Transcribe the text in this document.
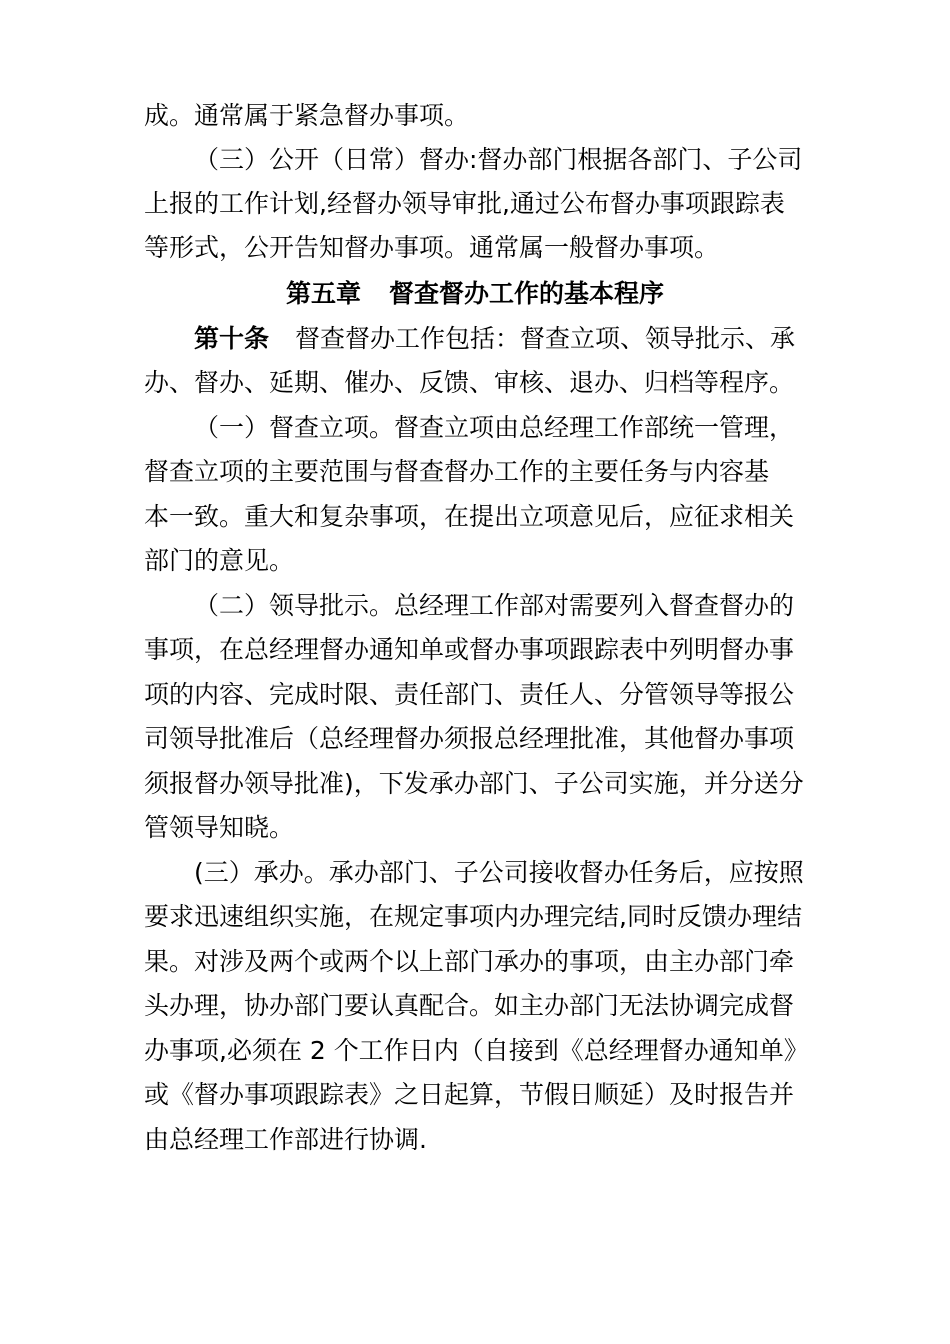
成。通常属于紧急督办事项。
（三）公开（日常）督办:督办部门根据各部门、子公司
上报的工作计划,经督办领导审批,通过公布督办事项跟踪表
等形式，公开告知督办事项。通常属一般督办事项。
第五章 督查督办工作的基本程序
第十条 督查督办工作包括：督查立项、领导批示、承
办、督办、延期、催办、反馈、审核、退办、归档等程序。
（一）督查立项。督查立项由总经理工作部统一管理，
督查立项的主要范围与督查督办工作的主要任务与内容基
本一致。重大和复杂事项，在提出立项意见后，应征求相关
部门的意见。
（二）领导批示。总经理工作部对需要列入督查督办的
事项，在总经理督办通知单或督办事项跟踪表中列明督办事
项的内容、完成时限、责任部门、责任人、分管领导等报公
司领导批准后（总经理督办须报总经理批准，其他督办事项
须报督办领导批准)，下发承办部门、子公司实施，并分送分
管领导知晓。
(三）承办。承办部门、子公司接收督办任务后，应按照
要求迅速组织实施，在规定事项内办理完结,同时反馈办理结
果。对涉及两个或两个以上部门承办的事项，由主办部门牵
头办理，协办部门要认真配合。如主办部门无法协调完成督
办事项,必须在 2 个工作日内（自接到《总经理督办通知单》
或《督办事项跟踪表》之日起算，节假日顺延）及时报告并
由总经理工作部进行协调.
